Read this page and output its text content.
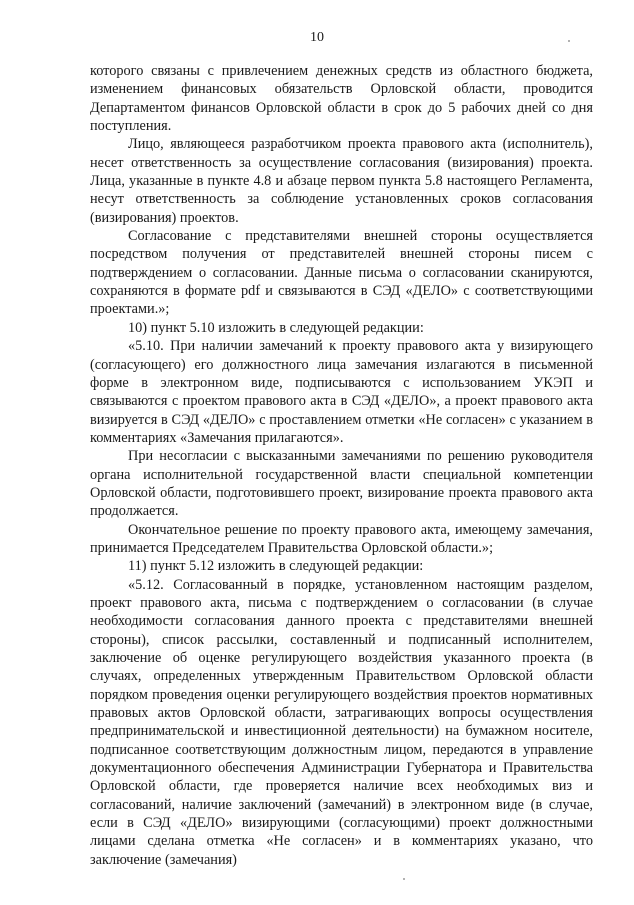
10

которого связаны с привлечением денежных средств из областного бюджета, изменением финансовых обязательств Орловской области, проводится Департаментом финансов Орловской области в срок до 5 рабочих дней со дня поступления.

Лицо, являющееся разработчиком проекта правового акта (исполнитель), несет ответственность за осуществление согласования (визирования) проекта. Лица, указанные в пункте 4.8 и абзаце первом пункта 5.8 настоящего Регламента, несут ответственность за соблюдение установленных сроков согласования (визирования) проектов.

Согласование с представителями внешней стороны осуществляется посредством получения от представителей внешней стороны писем с подтверждением о согласовании. Данные письма о согласовании сканируются, сохраняются в формате pdf и связываются в СЭД «ДЕЛО» с соответствующими проектами.»;

10) пункт 5.10 изложить в следующей редакции:

«5.10. При наличии замечаний к проекту правового акта у визирующего (согласующего) его должностного лица замечания излагаются в письменной форме в электронном виде, подписываются с использованием УКЭП и связываются с проектом правового акта в СЭД «ДЕЛО», а проект правового акта визируется в СЭД «ДЕЛО» с проставлением отметки «Не согласен» с указанием в комментариях «Замечания прилагаются».

При несогласии с высказанными замечаниями по решению руководителя органа исполнительной государственной власти специальной компетенции Орловской области, подготовившего проект, визирование проекта правового акта продолжается.

Окончательное решение по проекту правового акта, имеющему замечания, принимается Председателем Правительства Орловской области.»;

11) пункт 5.12 изложить в следующей редакции:

«5.12. Согласованный в порядке, установленном настоящим разделом, проект правового акта, письма с подтверждением о согласовании (в случае необходимости согласования данного проекта с представителями внешней стороны), список рассылки, составленный и подписанный исполнителем, заключение об оценке регулирующего воздействия указанного проекта (в случаях, определенных утвержденным Правительством Орловской области порядком проведения оценки регулирующего воздействия проектов нормативных правовых актов Орловской области, затрагивающих вопросы осуществления предпринимательской и инвестиционной деятельности) на бумажном носителе, подписанное соответствующим должностным лицом, передаются в управление документационного обеспечения Администрации Губернатора и Правительства Орловской области, где проверяется наличие всех необходимых виз и согласований, наличие заключений (замечаний) в электронном виде (в случае, если в СЭД «ДЕЛО» визирующими (согласующими) проект должностными лицами сделана отметка «Не согласен» и в комментариях указано, что заключение (замечания)
